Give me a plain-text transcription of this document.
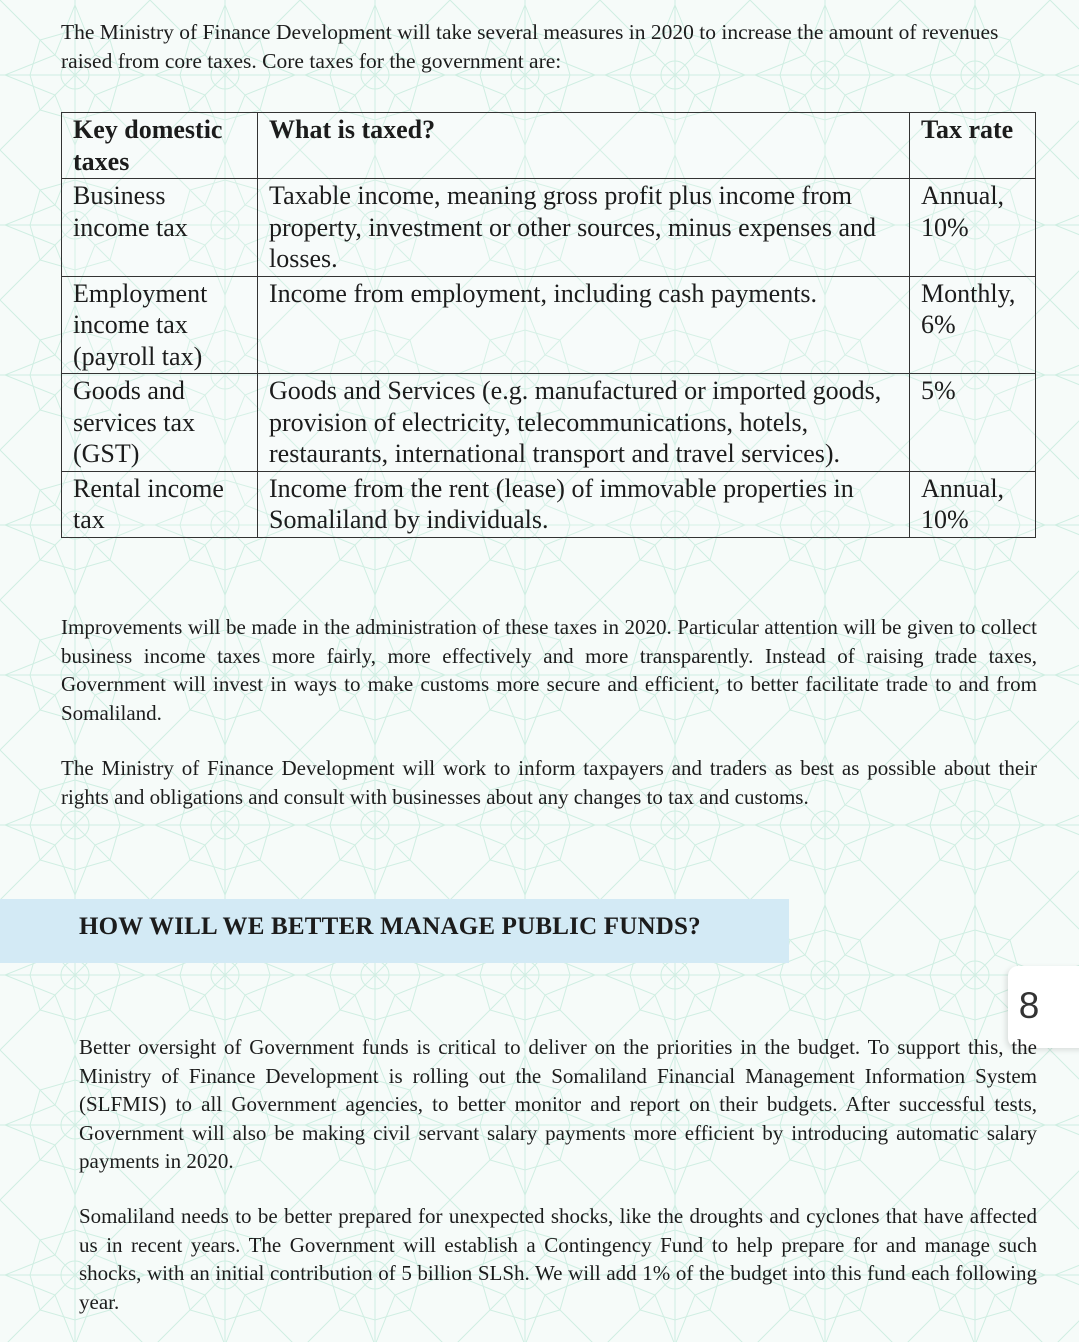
The Ministry of Finance Development will take several measures in 2020 to increase the amount of revenues raised from core taxes. Core taxes for the government are:

Key domestic taxes	What is taxed?	Tax rate
Business income tax	Taxable income, meaning gross profit plus income from property, investment or other sources, minus expenses and losses.	Annual, 10%
Employment income tax (payroll tax)	Income from employment, including cash payments.	Monthly, 6%
Goods and services tax (GST)	Goods and Services (e.g. manufactured or imported goods, provision of electricity, telecommunications, hotels, restaurants, international transport and travel services).	5%
Rental income tax	Income from the rent (lease) of immovable properties in Somaliland by individuals.	Annual, 10%

Improvements will be made in the administration of these taxes in 2020. Particular attention will be given to collect business income taxes more fairly, more effectively and more transparently. Instead of raising trade taxes, Government will invest in ways to make customs more secure and efficient, to better facilitate trade to and from Somaliland.

The Ministry of Finance Development will work to inform taxpayers and traders as best as possible about their rights and obligations and consult with businesses about any changes to tax and customs.

HOW WILL WE BETTER MANAGE PUBLIC FUNDS?
8

Better oversight of Government funds is critical to deliver on the priorities in the budget. To support this, the Ministry of Finance Development is rolling out the Somaliland Financial Management Information System (SLFMIS) to all Government agencies, to better monitor and report on their budgets. After successful tests, Government will also be making civil servant salary payments more efficient by introducing automatic salary payments in 2020.

Somaliland needs to be better prepared for unexpected shocks, like the droughts and cyclones that have affected us in recent years. The Government will establish a Contingency Fund to help prepare for and manage such shocks, with an initial contribution of 5 billion SLSh. We will add 1% of the budget into this fund each following year.
